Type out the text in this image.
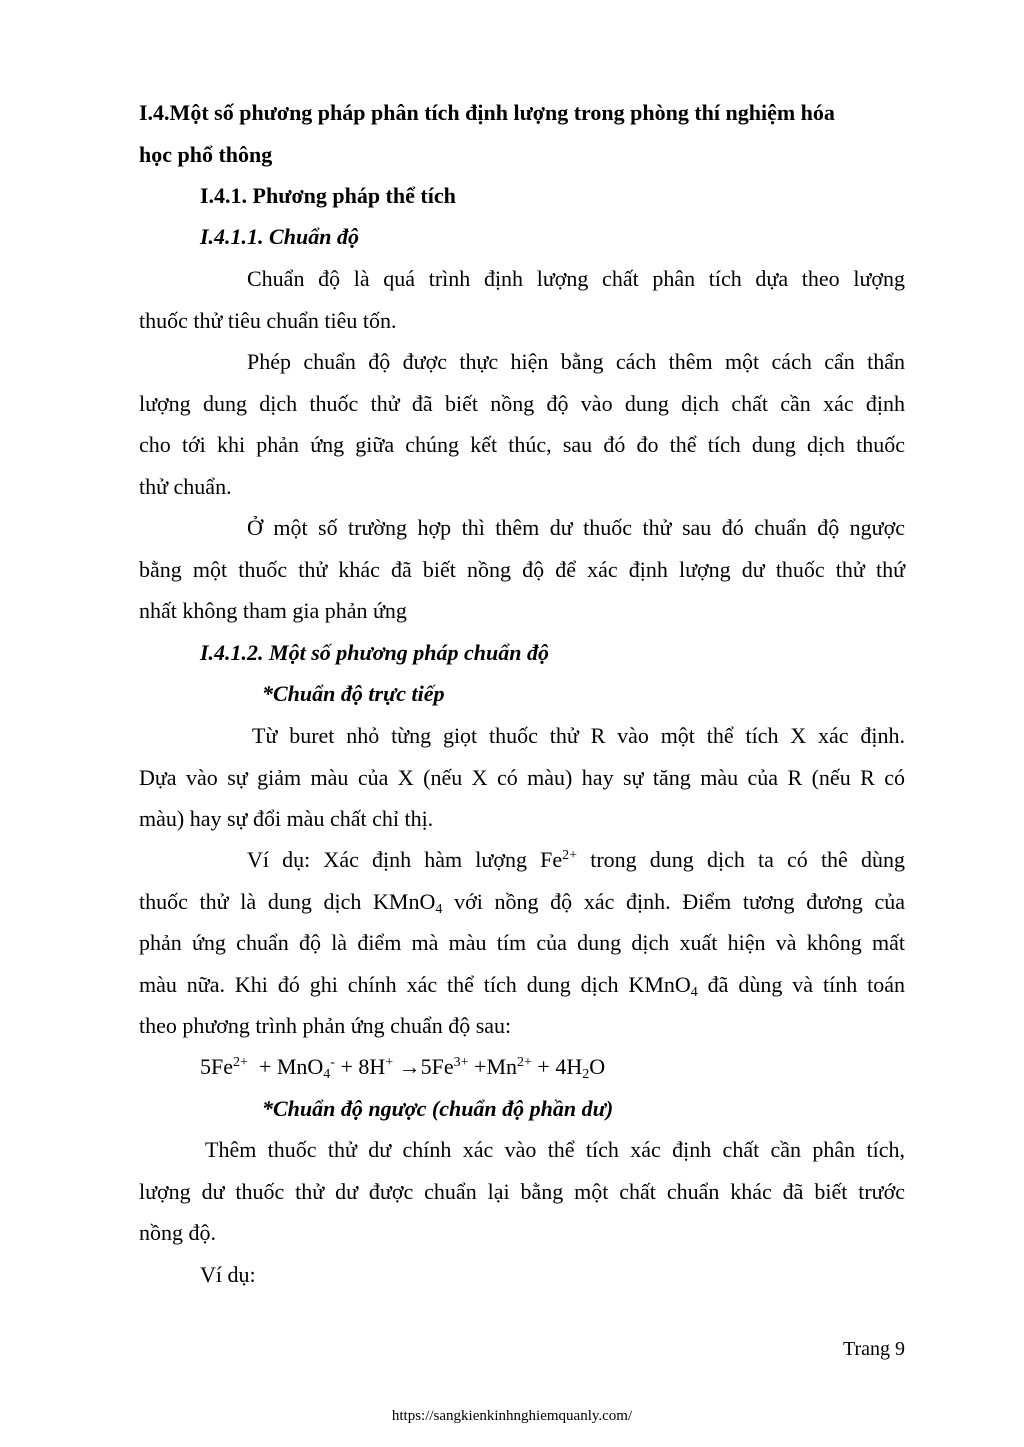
I.4.Một số phương pháp phân tích định lượng trong phòng thí nghiệm hóa
học phổ thông
I.4.1. Phương pháp thể tích
I.4.1.1. Chuẩn độ
Chuẩn độ là quá trình định lượng chất phân tích dựa theo lượng
thuốc thử tiêu chuẩn tiêu tốn.
Phép chuẩn độ được thực hiện bằng cách thêm một cách cẩn thẩn
lượng dung dịch thuốc thử đã biết nồng độ vào dung dịch chất cần xác định
cho tới khi phản ứng giữa chúng kết thúc, sau đó đo thể tích dung dịch thuốc
thử chuẩn.
Ở một số trường hợp thì thêm dư thuốc thử sau đó chuẩn độ ngược
bằng một thuốc thử khác đã biết nồng độ để xác định lượng dư thuốc thử thứ
nhất không tham gia phản ứng
I.4.1.2. Một số phương pháp chuẩn độ
*Chuẩn độ trực tiếp
Từ buret nhỏ từng giọt thuốc thử R vào một thể tích X xác định.
Dựa vào sự giảm màu của X (nếu X có màu) hay sự tăng màu của R (nếu R có
màu) hay sự đổi màu chất chỉ thị.
Ví dụ: Xác định hàm lượng $Fe^{2+}$ trong dung dịch ta có thê dùng
thuốc thử là dung dịch KMnO$_4$ với nồng độ xác định. Điểm tương đương của
phản ứng chuẩn độ là điểm mà màu tím của dung dịch xuất hiện và không mất
màu nữa. Khi đó ghi chính xác thể tích dung dịch KMnO$_4$ đã dùng và tính toán
theo phương trình phản ứng chuẩn độ sau:
$5Fe^{2+} + MnO_4^- + 8H^+ \to 5Fe^{3+} +Mn^{2+} + 4H_2O$
*Chuẩn độ ngược (chuẩn độ phần dư)
Thêm thuốc thử dư chính xác vào thể tích xác định chất cần phân tích,
lượng dư thuốc thử dư được chuẩn lại bằng một chất chuẩn khác đã biết trước
nồng độ.
Ví dụ:
Trang 9
https://sangkienkinhnghiemquanly.com/
